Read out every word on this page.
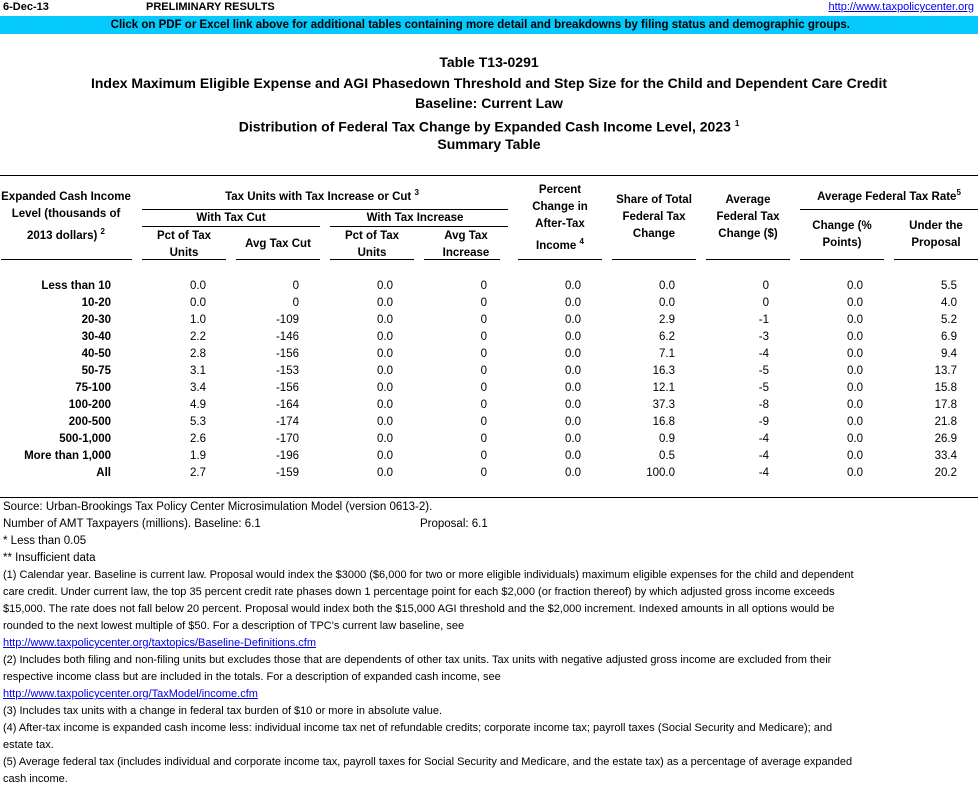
6-Dec-13	PRELIMINARY RESULTS	http://www.taxpolicycenter.org
Click on PDF or Excel link above for additional tables containing more detail and breakdowns by filing status and demographic groups.
Table T13-0291
Index Maximum Eligible Expense and AGI Phasedown Threshold and Step Size for the Child and Dependent Care Credit
Baseline: Current Law
Distribution of Federal Tax Change by Expanded Cash Income Level, 2023 $^1$
Summary Table
Expanded Cash Income
Level (thousands of
2013 dollars) $^2$
Tax Units with Tax Increase or Cut $^3$
With Tax Cut	With Tax Increase
Pct of Tax
Units
Avg Tax Cut
Pct of Tax
Units
Avg Tax
Increase
Percent
Change in
After-Tax
Income $^4$
Share of Total
Federal Tax
Change
Average
Federal Tax
Change ($)
Average Federal Tax Rate$^5$
Change (%
Points)
Under the
Proposal
Less than 10	0.0	0	0.0	0	0.0	0.0	0	0.0	5.5
10-20	0.0	0	0.0	0	0.0	0.0	0	0.0	4.0
20-30	1.0	-109	0.0	0	0.0	2.9	-1	0.0	5.2
30-40	2.2	-146	0.0	0	0.0	6.2	-3	0.0	6.9
40-50	2.8	-156	0.0	0	0.0	7.1	-4	0.0	9.4
50-75	3.1	-153	0.0	0	0.0	16.3	-5	0.0	13.7
75-100	3.4	-156	0.0	0	0.0	12.1	-5	0.0	15.8
100-200	4.9	-164	0.0	0	0.0	37.3	-8	0.0	17.8
200-500	5.3	-174	0.0	0	0.0	16.8	-9	0.0	21.8
500-1,000	2.6	-170	0.0	0	0.0	0.9	-4	0.0	26.9
More than 1,000	1.9	-196	0.0	0	0.0	0.5	-4	0.0	33.4
All	2.7	-159	0.0	0	0.0	100.0	-4	0.0	20.2
Source: Urban-Brookings Tax Policy Center Microsimulation Model (version 0613-2).
Number of AMT Taxpayers (millions). Baseline: 6.1	Proposal: 6.1
* Less than 0.05
** Insufficient data
(1) Calendar year. Baseline is current law. Proposal would index the $3000 ($6,000 for two or more eligible individuals) maximum eligible expenses for the child and dependent
care credit. Under current law, the top 35 percent credit rate phases down 1 percentage point for each $2,000 (or fraction thereof) by which adjusted gross income exceeds
$15,000. The rate does not fall below 20 percent. Proposal would index both the $15,000 AGI threshold and the $2,000 increment. Indexed amounts in all options would be
rounded to the next lowest multiple of $50. For a description of TPC's current law baseline, see
http://www.taxpolicycenter.org/taxtopics/Baseline-Definitions.cfm
(2) Includes both filing and non-filing units but excludes those that are dependents of other tax units. Tax units with negative adjusted gross income are excluded from their
respective income class but are included in the totals. For a description of expanded cash income, see
http://www.taxpolicycenter.org/TaxModel/income.cfm
(3) Includes tax units with a change in federal tax burden of $10 or more in absolute value.
(4) After-tax income is expanded cash income less: individual income tax net of refundable credits; corporate income tax; payroll taxes (Social Security and Medicare); and
estate tax.
(5) Average federal tax (includes individual and corporate income tax, payroll taxes for Social Security and Medicare, and the estate tax) as a percentage of average expanded
cash income.
